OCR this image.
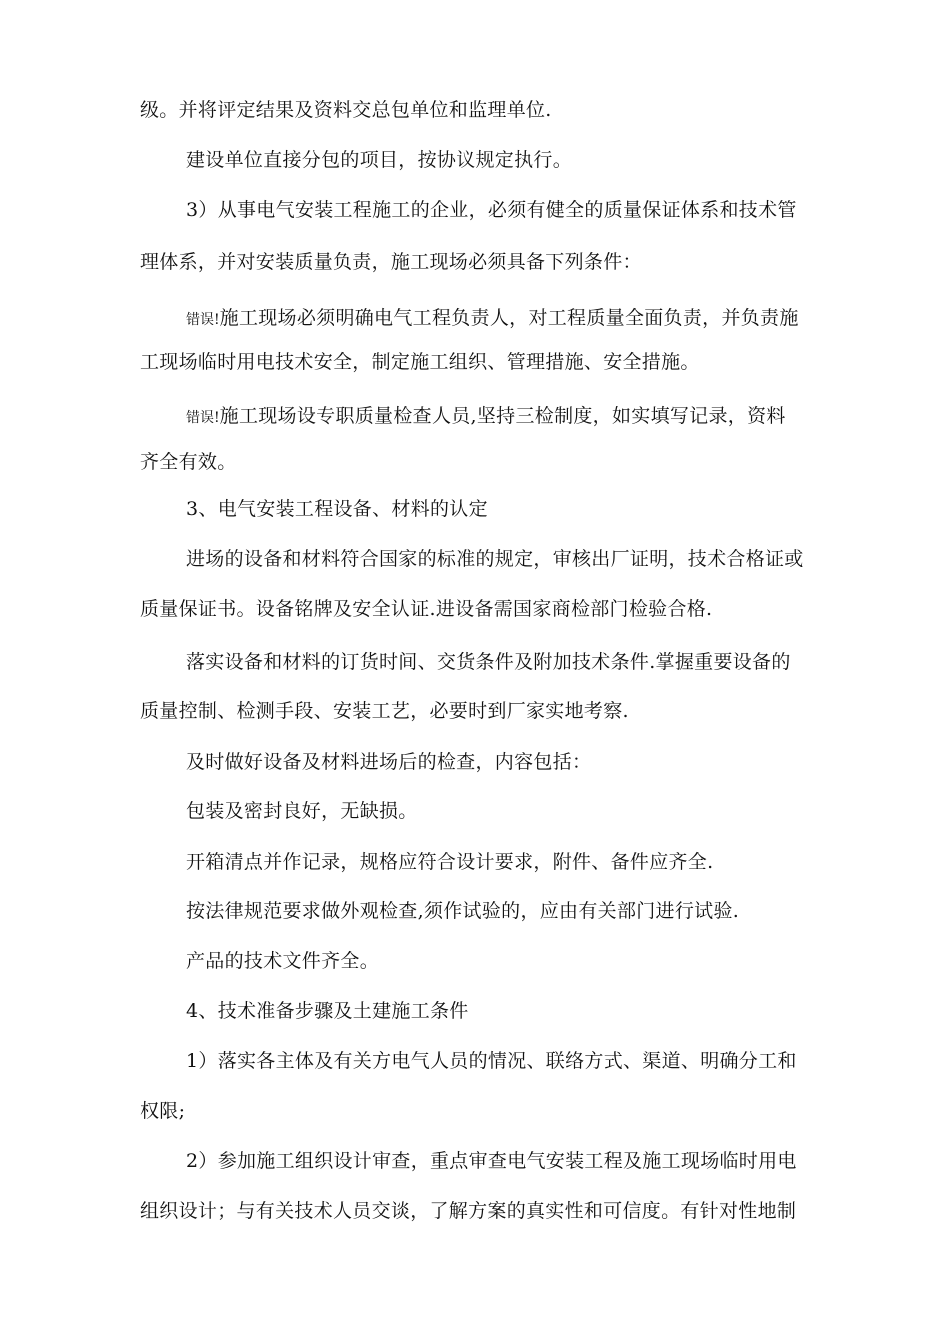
级。并将评定结果及资料交总包单位和监理单位.
建设单位直接分包的项目，按协议规定执行。
3）从事电气安装工程施工的企业，必须有健全的质量保证体系和技术管
理体系，并对安装质量负责，施工现场必须具备下列条件：
错误!施工现场必须明确电气工程负责人，对工程质量全面负责，并负责施
工现场临时用电技术安全，制定施工组织、管理措施、安全措施。
错误!施工现场设专职质量检查人员,坚持三检制度，如实填写记录，资料
齐全有效。
3、电气安装工程设备、材料的认定
进场的设备和材料符合国家的标准的规定，审核出厂证明，技术合格证或
质量保证书。设备铭牌及安全认证.进设备需国家商检部门检验合格.
落实设备和材料的订货时间、交货条件及附加技术条件.掌握重要设备的
质量控制、检测手段、安装工艺，必要时到厂家实地考察.
及时做好设备及材料进场后的检查，内容包括：
包装及密封良好，无缺损。
开箱清点并作记录，规格应符合设计要求，附件、备件应齐全.
按法律规范要求做外观检查,须作试验的，应由有关部门进行试验.
产品的技术文件齐全。
4、技术准备步骤及土建施工条件
1）落实各主体及有关方电气人员的情况、联络方式、渠道、明确分工和
权限;
2）参加施工组织设计审查，重点审查电气安装工程及施工现场临时用电
组织设计；与有关技术人员交谈，了解方案的真实性和可信度。有针对性地制
